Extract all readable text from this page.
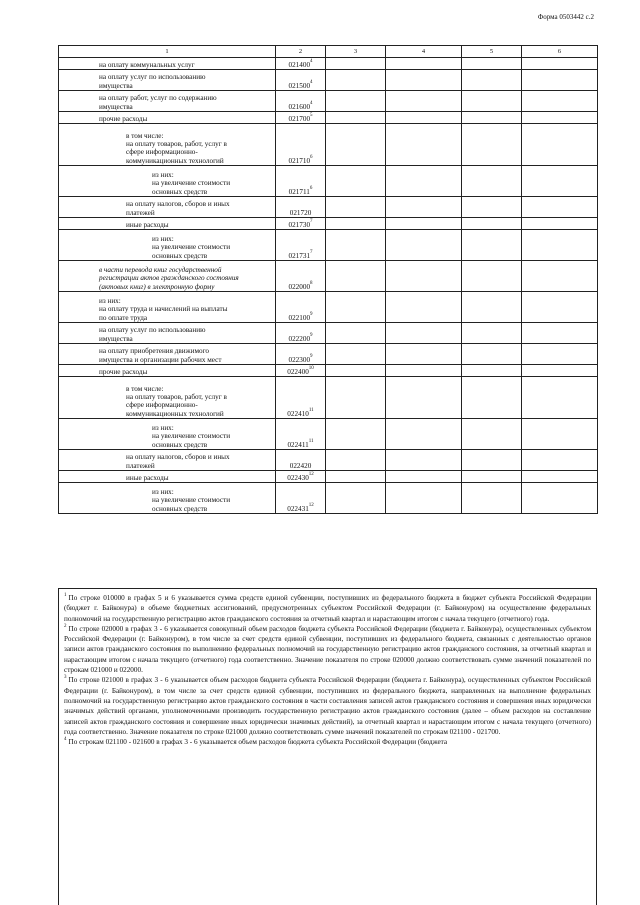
Форма 0503442 с.2
1	2	3	4	5	6
на оплату коммунальных услуг	021400$^4$				
на оплату услуг по использованию
имущества	021500$^4$				
на оплату работ, услуг по содержанию
имущества	021600$^4$				
прочие расходы	021700$^5$				
в том числе:
на оплату товаров, работ, услуг в
сфере информационно-
коммуникационных технологий	021710$^6$				
из них:
на увеличение стоимости
основных средств	021711$^6$				
на оплату налогов, сборов и иных
платежей	021720				
иные расходы	021730$^7$				
из них:
на увеличение стоимости
основных средств	021731$^7$				
в части перевода книг государственной
регистрации актов гражданского состояния
(актовых книг) в электронную форму	022000$^8$				
из них:
на оплату труда и начислений на выплаты
по оплате труда	022100$^9$				
на оплату услуг по использованию
имущества	022200$^9$				
на оплату приобретения движимого
имущества и организации рабочих мест	022300$^9$				
прочие расходы	022400$^{10}$				
в том числе:
на оплату товаров, работ, услуг в
сфере информационно-
коммуникационных технологий	022410$^{11}$				
из них:
на увеличение стоимости
основных средств	022411$^{11}$				
на оплату налогов, сборов и иных
платежей	022420				
иные расходы	022430$^{12}$				
из них:
на увеличение стоимости
основных средств	022431$^{12}$				

$^1$ По строке 010000 в графах 5 и 6 указывается сумма средств единой субвенции, поступивших из федерального бюджета в бюджет субъекта Российской Федерации (бюджет г. Байконура) в объеме бюджетных ассигнований, предусмотренных субъектом Российской Федерации (г. Байконуром) на осуществление федеральных полномочий на государственную регистрацию актов гражданского состояния за отчетный квартал и нарастающим итогом с начала текущего (отчетного) года.

$^2$ По строке 020000 в графах 3 - 6 указывается совокупный объем расходов бюджета субъекта Российской Федерации (бюджета г. Байконура), осуществленных субъектом Российской Федерации (г. Байконуром), в том числе за счет средств единой субвенции, поступивших из федерального бюджета, связанных с деятельностью органов записи актов гражданского состояния по выполнению федеральных полномочий на государственную регистрацию актов гражданского состояния, за отчетный квартал и нарастающим итогом с начала текущего (отчетного) года соответственно. Значение показателя по строке 020000 должно соответствовать сумме значений показателей по строкам 021000 и 022000.

$^3$ По строке 021000 в графах 3 - 6 указывается объем расходов бюджета субъекта Российской Федерации (бюджета г. Байконура), осуществленных субъектом Российской Федерации (г. Байконуром), в том числе за счет средств единой субвенции, поступивших из федерального бюджета, направленных на выполнение федеральных полномочий на государственную регистрацию актов гражданского состояния в части составления записей актов гражданского состояния и совершения иных юридически значимых действий органами, уполномоченными производить государственную регистрацию актов гражданского состояния (далее – объем расходов на составление записей актов гражданского состояния и совершение иных юридически значимых действий), за отчетный квартал и нарастающим итогом с начала текущего (отчетного) года соответственно. Значение показателя по строке 021000 должно соответствовать сумме значений показателей по строкам 021100 - 021700.

$^4$ По строкам 021100 - 021600 в графах 3 - 6 указывается объем расходов бюджета субъекта Российской Федерации (бюджета
